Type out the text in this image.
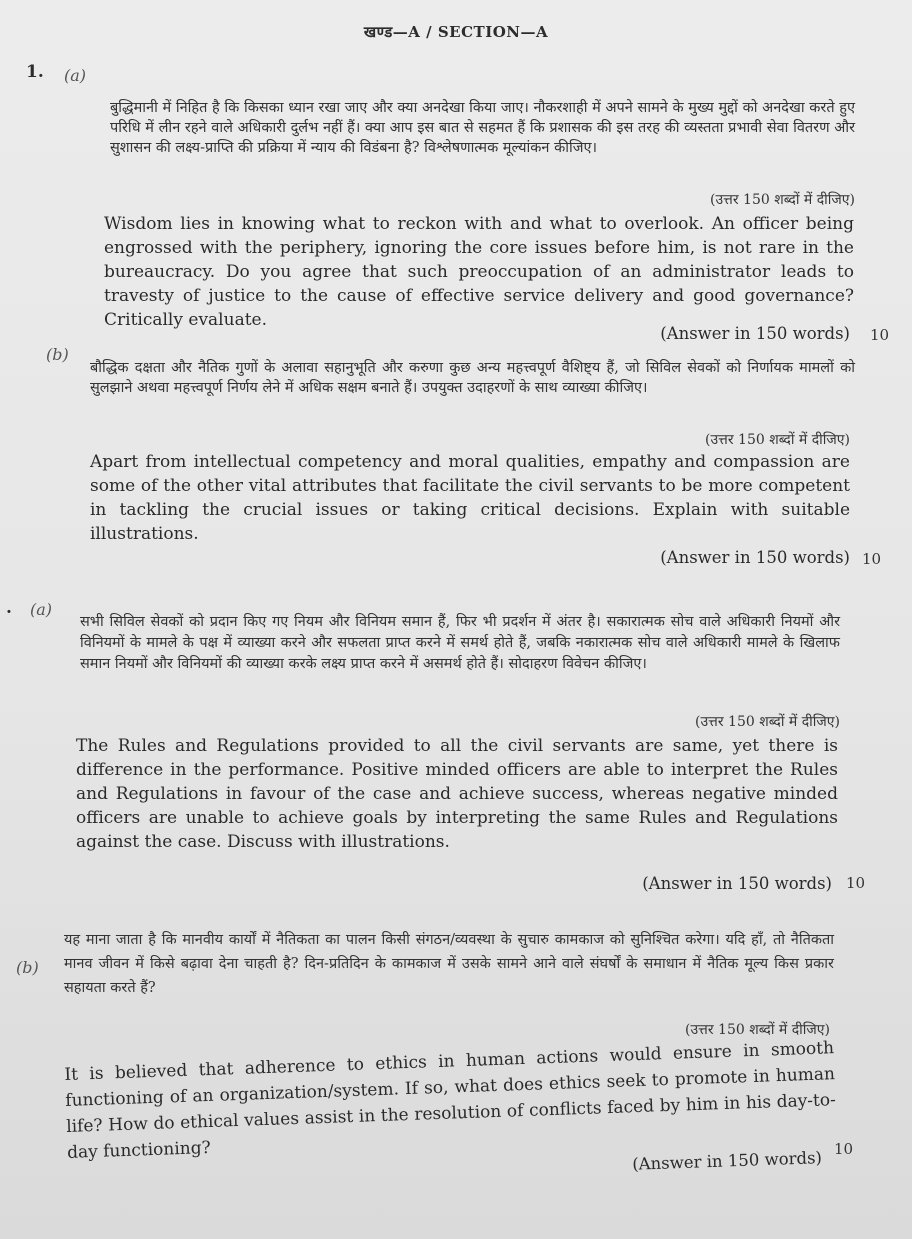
खण्ड—A / SECTION—A
1. (a)
बुद्धिमानी में निहित है कि किसका ध्यान रखा जाए और क्या अनदेखा किया जाए। नौकरशाही में अपने सामने के मुख्य मुद्दों को अनदेखा करते हुए परिधि में लीन रहने वाले अधिकारी दुर्लभ नहीं हैं। क्या आप इस बात से सहमत हैं कि प्रशासक की इस तरह की व्यस्तता प्रभावी सेवा वितरण और सुशासन की लक्ष्य-प्राप्ति की प्रक्रिया में न्याय की विडंबना है? विश्लेषणात्मक मूल्यांकन कीजिए।
(उत्तर 150 शब्दों में दीजिए)
Wisdom lies in knowing what to reckon with and what to overlook. An officer being engrossed with the periphery, ignoring the core issues before him, is not rare in the bureaucracy. Do you agree that such preoccupation of an administrator leads to travesty of justice to the cause of effective service delivery and good governance? Critically evaluate.
(Answer in 150 words) 10
(b)
बौद्धिक दक्षता और नैतिक गुणों के अलावा सहानुभूति और करुणा कुछ अन्य महत्त्वपूर्ण वैशिष्ट्य हैं, जो सिविल सेवकों को निर्णायक मामलों को सुलझाने अथवा महत्त्वपूर्ण निर्णय लेने में अधिक सक्षम बनाते हैं। उपयुक्त उदाहरणों के साथ व्याख्या कीजिए।
(उत्तर 150 शब्दों में दीजिए)
Apart from intellectual competency and moral qualities, empathy and compassion are some of the other vital attributes that facilitate the civil servants to be more competent in tackling the crucial issues or taking critical decisions. Explain with suitable illustrations.
(Answer in 150 words) 10
. (a)
सभी सिविल सेवकों को प्रदान किए गए नियम और विनियम समान हैं, फिर भी प्रदर्शन में अंतर है। सकारात्मक सोच वाले अधिकारी नियमों और विनियमों के मामले के पक्ष में व्याख्या करने और सफलता प्राप्त करने में समर्थ होते हैं, जबकि नकारात्मक सोच वाले अधिकारी मामले के खिलाफ समान नियमों और विनियमों की व्याख्या करके लक्ष्य प्राप्त करने में असमर्थ होते हैं। सोदाहरण विवेचन कीजिए।
(उत्तर 150 शब्दों में दीजिए)
The Rules and Regulations provided to all the civil servants are same, yet there is difference in the performance. Positive minded officers are able to interpret the Rules and Regulations in favour of the case and achieve success, whereas negative minded officers are unable to achieve goals by interpreting the same Rules and Regulations against the case. Discuss with illustrations.
(Answer in 150 words) 10
(b)
यह माना जाता है कि मानवीय कार्यों में नैतिकता का पालन किसी संगठन/व्यवस्था के सुचारु कामकाज को सुनिश्चित करेगा। यदि हाँ, तो नैतिकता मानव जीवन में किसे बढ़ावा देना चाहती है? दिन-प्रतिदिन के कामकाज में उसके सामने आने वाले संघर्षों के समाधान में नैतिक मूल्य किस प्रकार सहायता करते हैं?
(उत्तर 150 शब्दों में दीजिए)
It is believed that adherence to ethics in human actions would ensure in smooth functioning of an organization/system. If so, what does ethics seek to promote in human life? How do ethical values assist in the resolution of conflicts faced by him in his day-to-day functioning?	(Answer in 150 words) 10
